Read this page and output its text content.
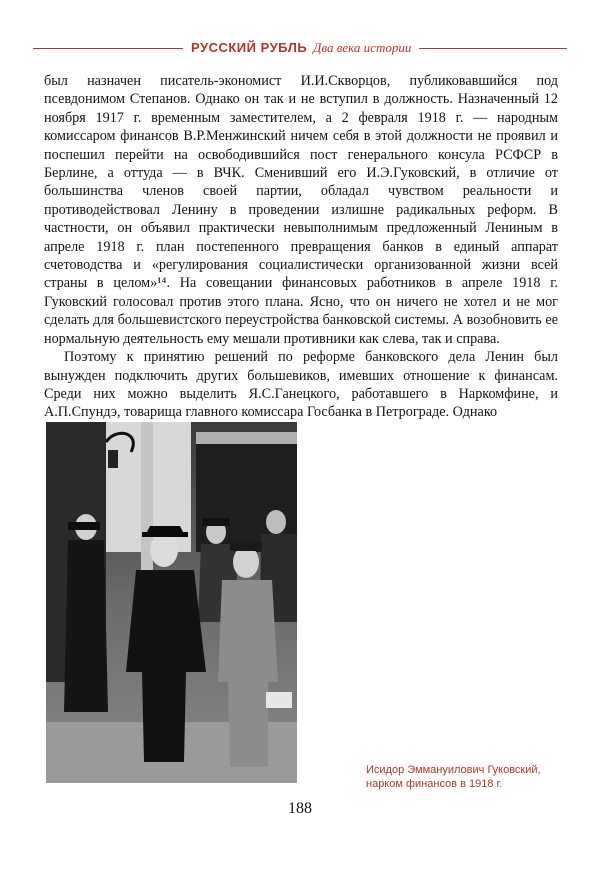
РУССКИЙ РУБЛЬ Два века истории

был назначен писатель-экономист И.И.Скворцов, публиковавшийся под псевдонимом Степанов. Однако он так и не вступил в должность. Назначенный 12 ноября 1917 г. временным заместителем, а 2 февраля 1918 г. — народным комиссаром финансов В.Р.Менжинский ничем себя в этой должности не проявил и поспешил перейти на освободившийся пост генерального консула РСФСР в Берлине, а оттуда — в ВЧК. Сменивший его И.Э.Гуковский, в отличие от большинства членов своей партии, обладал чувством реальности и противодействовал Ленину в проведении излишне радикальных реформ. В частности, он объявил практически невыполнимым предложенный Лениным в апреле 1918 г. план постепенного превращения банков в единый аппарат счетоводства и «регулирования социалистически организованной жизни всей страны в целом»¹⁴. На совещании финансовых работников в апреле 1918 г. Гуковский голосовал против этого плана. Ясно, что он ничего не хотел и не мог сделать для большевистского переустройства банковской системы. А возобновить ее нормальную деятельность ему мешали противники как слева, так и справа.

Поэтому к принятию решений по реформе банковского дела Ленин был вынужден подключить других большевиков, имевших отношение к финансам. Среди них можно выделить Я.С.Ганецкого, работавшего в Наркомфине, и А.П.Спундэ, товарища главного комиссара Госбанка в Петрограде. Однако

Исидор Эммануилович Гуковский,
нарком финансов в 1918 г.
188
